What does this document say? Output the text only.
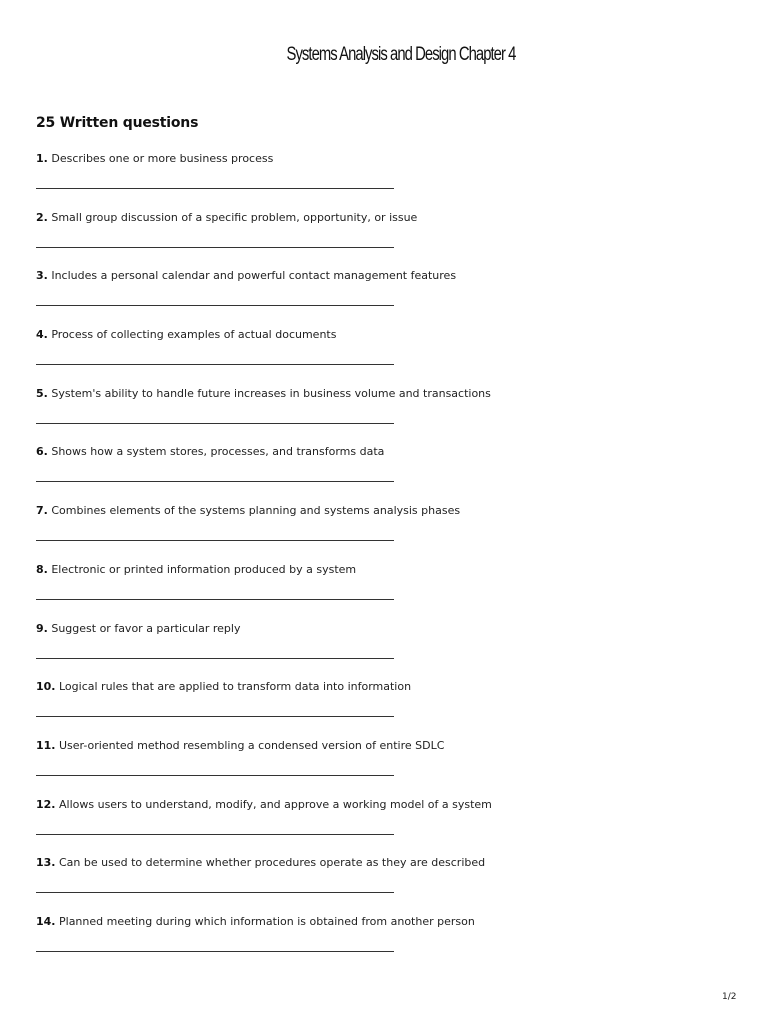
Systems Analysis and Design Chapter 4
25 Written questions
1. Describes one or more business process
2. Small group discussion of a specific problem, opportunity, or issue
3. Includes a personal calendar and powerful contact management features
4. Process of collecting examples of actual documents
5. System's ability to handle future increases in business volume and transactions
6. Shows how a system stores, processes, and transforms data
7. Combines elements of the systems planning and systems analysis phases
8. Electronic or printed information produced by a system
9. Suggest or favor a particular reply
10. Logical rules that are applied to transform data into information
11. User-oriented method resembling a condensed version of entire SDLC
12. Allows users to understand, modify, and approve a working model of a system
13. Can be used to determine whether procedures operate as they are described
14. Planned meeting during which information is obtained from another person
1/2
